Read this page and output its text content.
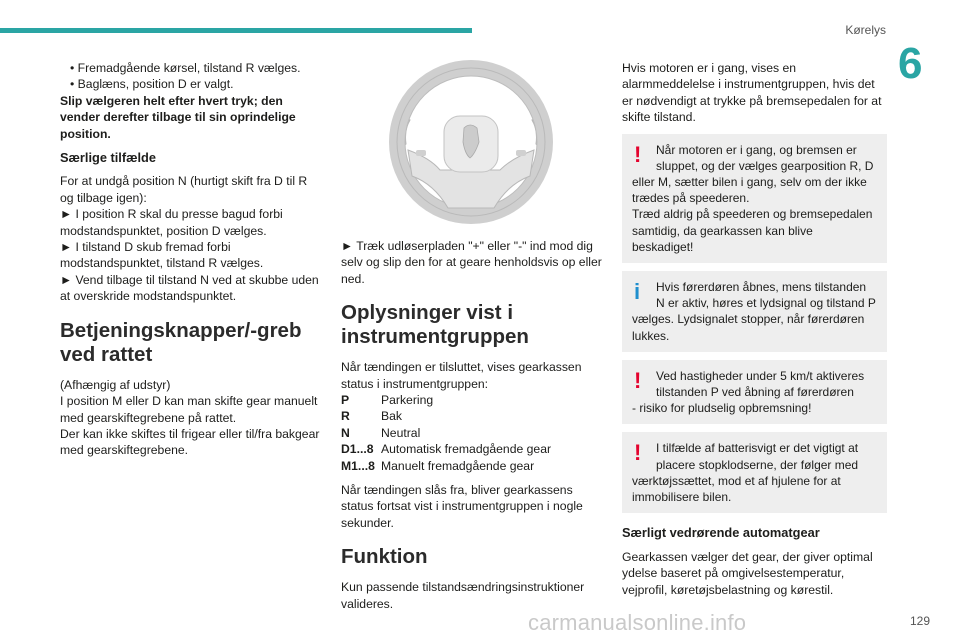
Kørelys
6

• Fremadgående kørsel, tilstand R vælges.

• Baglæns, position D er valgt.

Slip vælgeren helt efter hvert tryk; den vender derefter tilbage til sin oprindelige position.

Særlige tilfælde

For at undgå position N (hurtigt skift fra D til R og tilbage igen):

► I position R skal du presse bagud forbi modstandspunktet, position D vælges.

► I tilstand D skub fremad forbi modstandspunktet, tilstand R vælges.

► Vend tilbage til tilstand N ved at skubbe uden at overskride modstandspunktet.

Betjeningsknapper/-greb ved rattet

(Afhængig af udstyr)

I position M eller D kan man skifte gear manuelt med gearskiftegrebene på rattet.

Der kan ikke skiftes til frigear eller til/fra bakgear med gearskiftegrebene.

► Træk udløserpladen "+" eller "-" ind mod dig selv og slip den for at geare henholdsvis op eller ned.

Oplysninger vist i instrumentgruppen

Når tændingen er tilsluttet, vises gearkassen status i instrumentgruppen:

P	Parkering
R	Bak
N	Neutral
D1...8 Automatisk fremadgående gear
M1...8 Manuelt fremadgående gear

Når tændingen slås fra, bliver gearkassens status fortsat vist i instrumentgruppen i nogle sekunder.

Funktion

Kun passende tilstandsændringsinstruktioner valideres.

Hvis motoren er i gang, vises en alarmmeddelelse i instrumentgruppen, hvis det er nødvendigt at trykke på bremsepedalen for at skifte tilstand.

!	Når motoren er i gang, og bremsen er sluppet, og der vælges gearposition R, D

eller M, sætter bilen i gang, selv om der ikke trædes på speederen.

Træd aldrig på speederen og bremsepedalen samtidig, da gearkassen kan blive beskadiget!

i	Hvis førerdøren åbnes, mens tilstanden N er aktiv, høres et lydsignal og tilstand P

vælges. Lydsignalet stopper, når førerdøren lukkes.

!	Ved hastigheder under 5 km/t aktiveres tilstanden P ved åbning af førerdøren

- risiko for pludselig opbremsning!

!	I tilfælde af batterisvigt er det vigtigt at placere stopklodserne, der følger med

værktøjssættet, mod et af hjulene for at immobilisere bilen.

Særligt vedrørende automatgear

Gearkassen vælger det gear, der giver optimal ydelse baseret på omgivelsestemperatur, vejprofil, køretøjsbelastning og kørestil.

129
carmanualsonline.info
